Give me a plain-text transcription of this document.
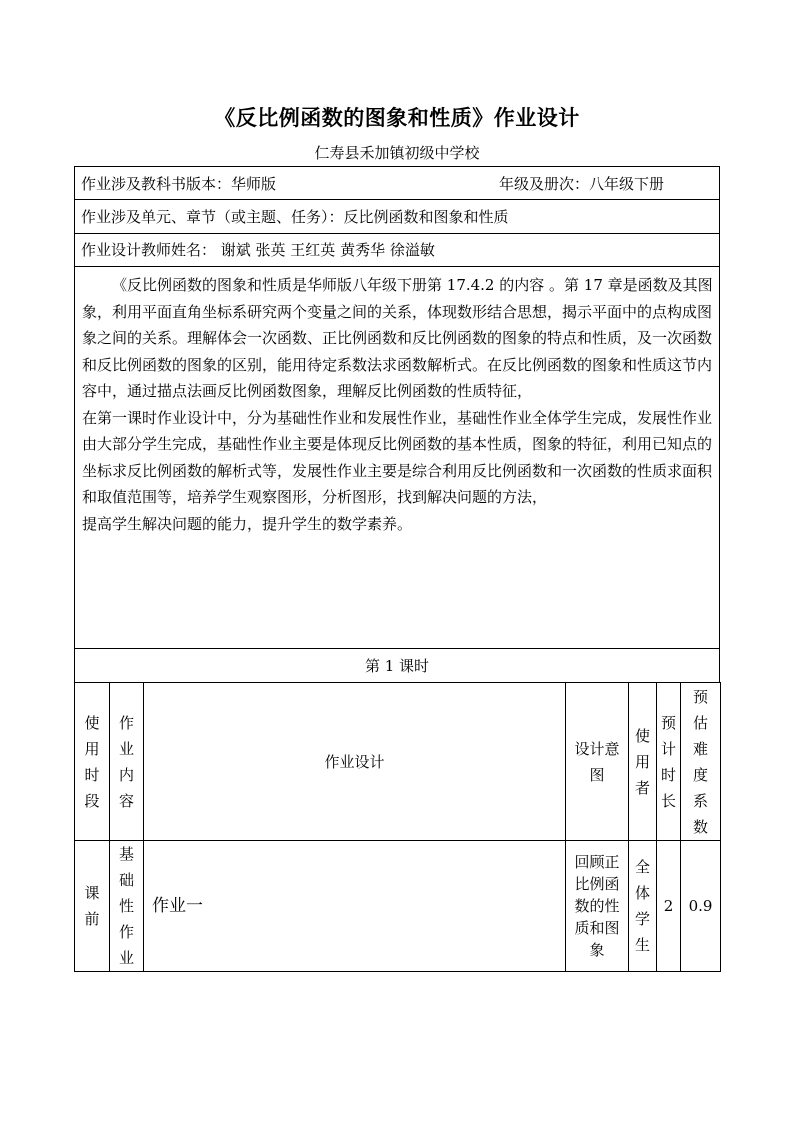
《反比例函数的图象和性质》作业设计
仁寿县禾加镇初级中学校
作业涉及教科书版本：华师版	年级及册次：八年级下册
作业涉及单元、章节（或主题、任务）：反比例函数和图象和性质
作业设计教师姓名： 谢斌 张英 王红英 黄秀华 徐溢敏

《反比例函数的图象和性质是华师版八年级下册第 17.4.2 的内容 。第 17 章是函数及其图象，利用平面直角坐标系研究两个变量之间的关系，体现数形结合思想，揭示平面中的点构成图象之间的关系。理解体会一次函数、正比例函数和反比例函数的图象的特点和性质，及一次函数和反比例函数的图象的区别，能用待定系数法求函数解析式。在反比例函数的图象和性质这节内容中，通过描点法画反比例函数图象，理解反比例函数的性质特征，

在第一课时作业设计中，分为基础性作业和发展性作业，基础性作业全体学生完成，发展性作业由大部分学生完成，基础性作业主要是体现反比例函数的基本性质，图象的特征，利用已知点的坐标求反比例函数的解析式等，发展性作业主要是综合利用反比例函数和一次函数的性质求面积和取值范围等，培养学生观察图形，分析图形，找到解决问题的方法，

提高学生解决问题的能力，提升学生的数学素养。

第 1 课时
使用时段	作业内容	作业设计	设计意图	使用者	预计时长	预估难度系数
课前	基础性作业	作业一	回顾正比例函数的性质和图象	全体学生	2	0.9
